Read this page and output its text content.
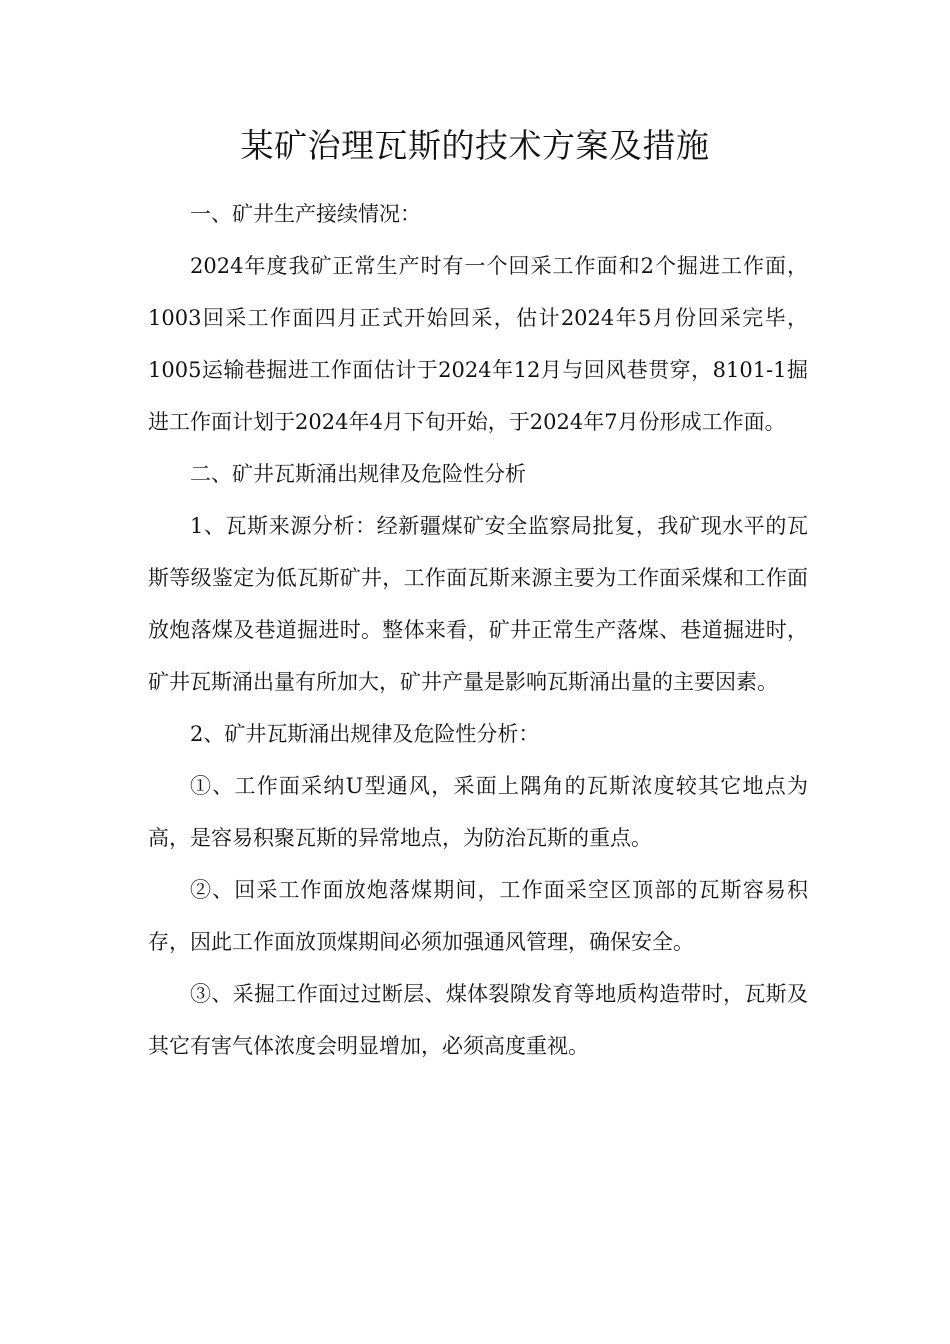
某矿治理瓦斯的技术方案及措施

一、矿井生产接续情况：

2024年度我矿正常生产时有一个回采工作面和2个掘进工作面，1003回采工作面四月正式开始回采，估计2024年5月份回采完毕，1005运输巷掘进工作面估计于2024年12月与回风巷贯穿，8101-1掘进工作面计划于2024年4月下旬开始，于2024年7月份形成工作面。

二、矿井瓦斯涌出规律及危险性分析

1、瓦斯来源分析：经新疆煤矿安全监察局批复，我矿现水平的瓦斯等级鉴定为低瓦斯矿井，工作面瓦斯来源主要为工作面采煤和工作面放炮落煤及巷道掘进时。整体来看，矿井正常生产落煤、巷道掘进时，矿井瓦斯涌出量有所加大，矿井产量是影响瓦斯涌出量的主要因素。

2、矿井瓦斯涌出规律及危险性分析：

①、工作面采纳U型通风，采面上隅角的瓦斯浓度较其它地点为高，是容易积聚瓦斯的异常地点，为防治瓦斯的重点。

②、回采工作面放炮落煤期间，工作面采空区顶部的瓦斯容易积存，因此工作面放顶煤期间必须加强通风管理，确保安全。

③、采掘工作面过过断层、煤体裂隙发育等地质构造带时，瓦斯及其它有害气体浓度会明显增加，必须高度重视。
